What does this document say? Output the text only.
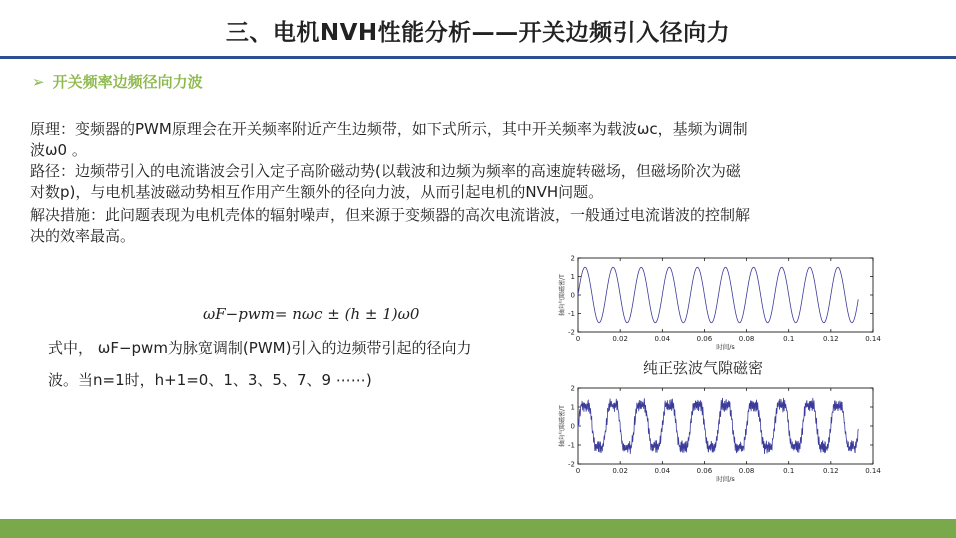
三、电机NVH性能分析——开关边频引入径向力
➢ 开关频率边频径向力波
原理：变频器的PWM原理会在开关频率附近产生边频带，如下式所示，其中开关频率为载波ωc，基频为调制
波ω0 。
路径：边频带引入的电流谐波会引入定子高阶磁动势(以载波和边频为频率的高速旋转磁场，但磁场阶次为磁
对数p)，与电机基波磁动势相互作用产生额外的径向力波，从而引起电机的NVH问题。
解决措施：此问题表现为电机壳体的辐射噪声，但来源于变频器的高次电流谐波，一般通过电流谐波的控制解
决的效率最高。
ωF−pwm= nωc ± (h ± 1)ω0
式中， ωF−pwm为脉宽调制(PWM)引入的边频带引起的径向力
波。当n=1时，h+1=0、1、3、5、7、9 ⋯⋯)
0	0.02	0.04	0.06	0.08	0.1	0.12	0.14
2
1
0
-1
-2
时间/s
轴向气隙磁密/T
纯正弦波气隙磁密
0	0.02	0.04	0.06	0.08	0.1	0.12	0.14
2
1
0
-1
-2
时间/s
轴向气隙磁密/T
